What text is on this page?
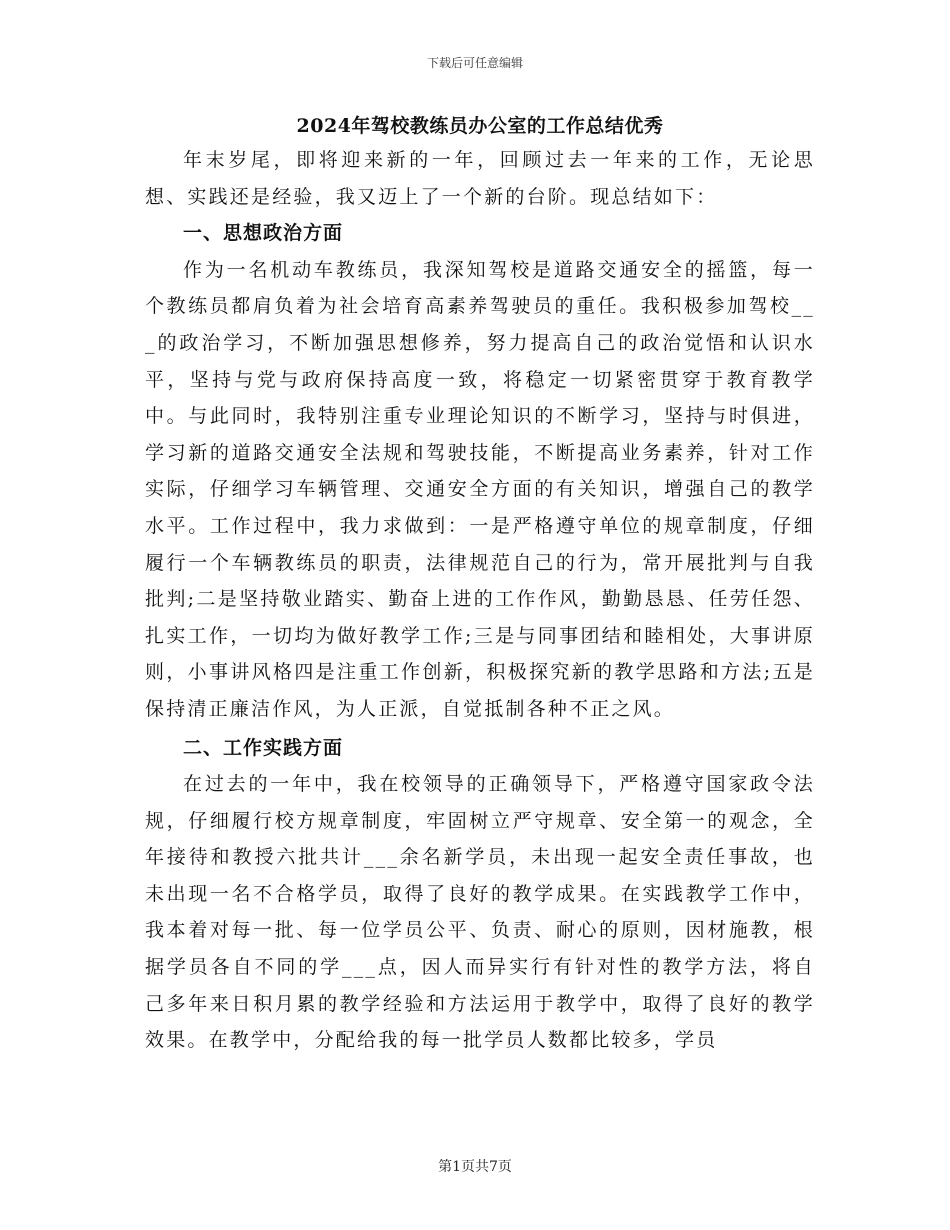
下载后可任意编辑
2024年驾校教练员办公室的工作总结优秀

年末岁尾，即将迎来新的一年，回顾过去一年来的工作，无论思想、实践还是经验，我又迈上了一个新的台阶。现总结如下：

一、思想政治方面

作为一名机动车教练员，我深知驾校是道路交通安全的摇篮，每一个教练员都肩负着为社会培育高素养驾驶员的重任。我积极参加驾校___的政治学习，不断加强思想修养，努力提高自己的政治觉悟和认识水平，坚持与党与政府保持高度一致，将稳定一切紧密贯穿于教育教学中。与此同时，我特别注重专业理论知识的不断学习，坚持与时俱进，学习新的道路交通安全法规和驾驶技能，不断提高业务素养，针对工作实际，仔细学习车辆管理、交通安全方面的有关知识，增强自己的教学水平。工作过程中，我力求做到：一是严格遵守单位的规章制度，仔细履行一个车辆教练员的职责，法律规范自己的行为，常开展批判与自我批判;二是坚持敬业踏实、勤奋上进的工作作风，勤勤恳恳、任劳任怨、扎实工作，一切均为做好教学工作;三是与同事团结和睦相处，大事讲原则，小事讲风格四是注重工作创新，积极探究新的教学思路和方法;五是保持清正廉洁作风，为人正派，自觉抵制各种不正之风。

二、工作实践方面

在过去的一年中，我在校领导的正确领导下，严格遵守国家政令法规，仔细履行校方规章制度，牢固树立严守规章、安全第一的观念，全年接待和教授六批共计___余名新学员，未出现一起安全责任事故，也未出现一名不合格学员，取得了良好的教学成果。在实践教学工作中，我本着对每一批、每一位学员公平、负责、耐心的原则，因材施教，根据学员各自不同的学___点，因人而异实行有针对性的教学方法，将自己多年来日积月累的教学经验和方法运用于教学中，取得了良好的教学效果。在教学中，分配给我的每一批学员人数都比较多，学员

第1页共7页
